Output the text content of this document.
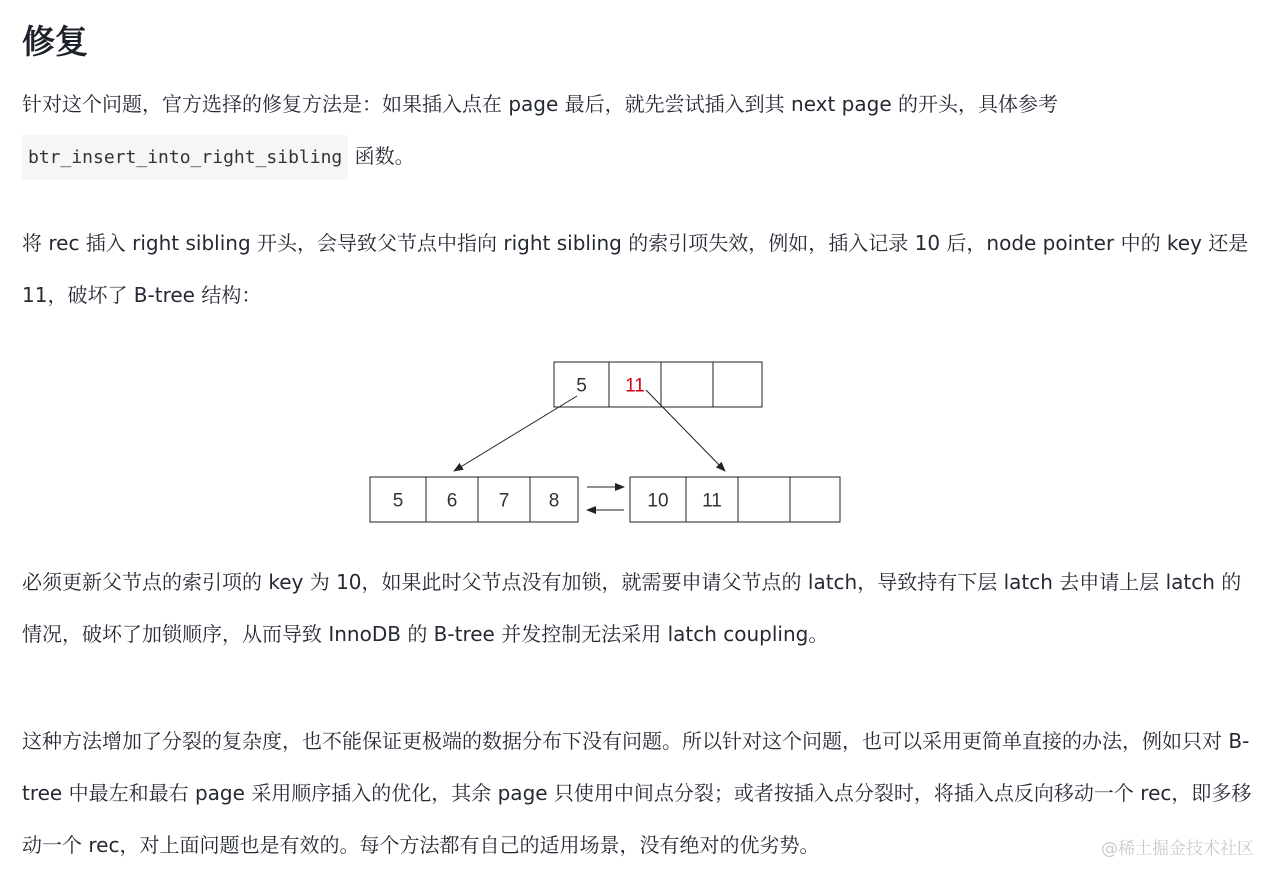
修复

针对这个问题，官方选择的修复方法是：如果插入点在 page 最后，就先尝试插入到其 next page 的开头，具体参考
btr_insert_into_right_sibling 函数。

将 rec 插入 right sibling 开头，会导致父节点中指向 right sibling 的索引项失效，例如，插入记录 10 后，node pointer 中的 key 还是 11，破坏了 B-tree 结构：

5 11
5 6 7 8	10 11

必须更新父节点的索引项的 key 为 10，如果此时父节点没有加锁，就需要申请父节点的 latch，导致持有下层 latch 去申请上层 latch 的情况，破坏了加锁顺序，从而导致 InnoDB 的 B-tree 并发控制无法采用 latch coupling。

这种方法增加了分裂的复杂度，也不能保证更极端的数据分布下没有问题。所以针对这个问题，也可以采用更简单直接的办法，例如只对 B-tree 中最左和最右 page 采用顺序插入的优化，其余 page 只使用中间点分裂；或者按插入点分裂时，将插入点反向移动一个 rec，即多移动一个 rec，对上面问题也是有效的。每个方法都有自己的适用场景，没有绝对的优劣势。	@稀土掘金技术社区
